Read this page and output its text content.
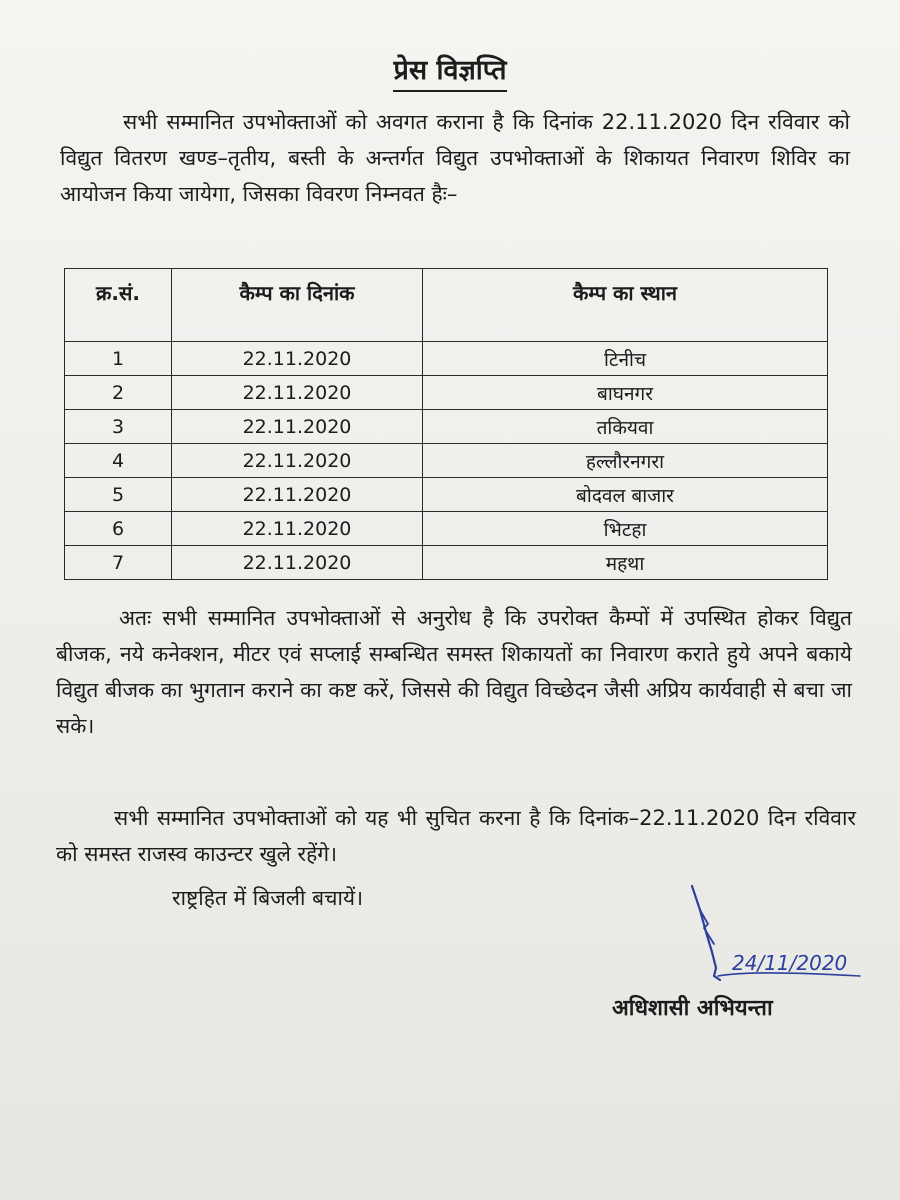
प्रेस विज्ञप्ति
सभी सम्मानित उपभोक्ताओं को अवगत कराना है कि दिनांक 22.11.2020 दिन रविवार को विद्युत वितरण खण्ड–तृतीय, बस्ती के अन्तर्गत विद्युत उपभोक्ताओं के शिकायत निवारण शिविर का आयोजन किया जायेगा, जिसका विवरण निम्नवत हैः–
क्र.सं.	कैम्प का दिनांक	कैम्प का स्थान
1	22.11.2020	टिनीच
2	22.11.2020	बाघनगर
3	22.11.2020	तकियवा
4	22.11.2020	हल्लौरनगरा
5	22.11.2020	बोदवल बाजार
6	22.11.2020	भिटहा
7	22.11.2020	महथा
अतः सभी सम्मानित उपभोक्ताओं से अनुरोध है कि उपरोक्त कैम्पों में उपस्थित होकर विद्युत बीजक, नये कनेक्शन, मीटर एवं सप्लाई सम्बन्धित समस्त शिकायतों का निवारण कराते हुये अपने बकाये विद्युत बीजक का भुगतान कराने का कष्ट करें, जिससे की विद्युत विच्छेदन जैसी अप्रिय कार्यवाही से बचा जा सके।
सभी सम्मानित उपभोक्ताओं को यह भी सुचित करना है कि दिनांक–22.11.2020 दिन रविवार को समस्त राजस्व काउन्टर खुले रहेंगे।
राष्ट्रहित में बिजली बचायें।
24/11/2020
अधिशासी अभियन्ता
